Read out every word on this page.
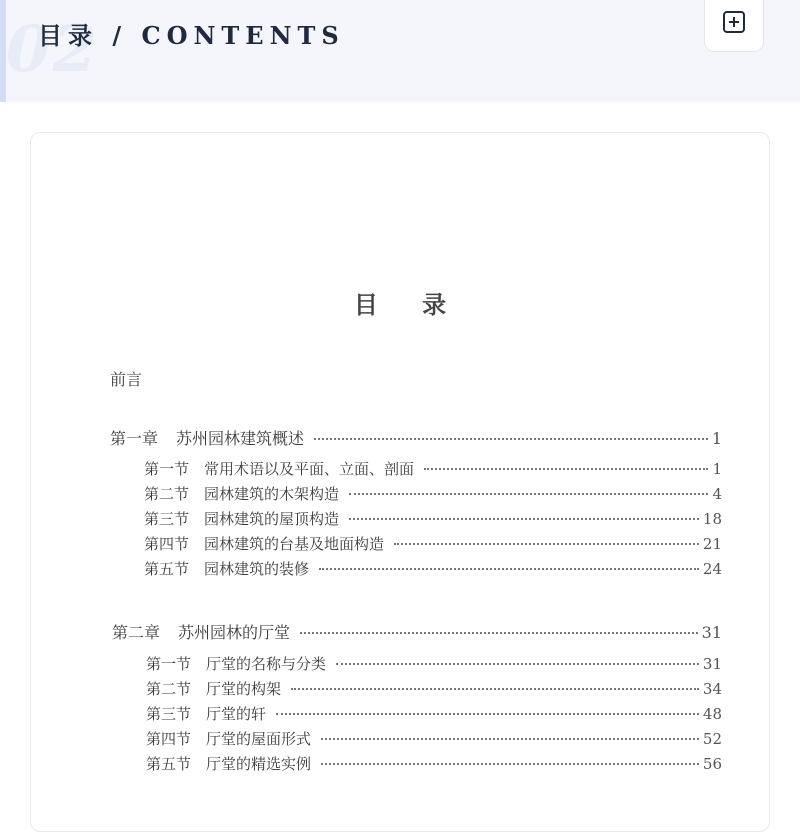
02
目录 / CONTENTS
目 录
前言
第一章 苏州园林建筑概述	1
第一节 常用术语以及平面、立面、剖面	1
第二节 园林建筑的木架构造	4
第三节 园林建筑的屋顶构造	18
第四节 园林建筑的台基及地面构造	21
第五节 园林建筑的装修	24
第二章 苏州园林的厅堂	31
第一节 厅堂的名称与分类	31
第二节 厅堂的构架	34
第三节 厅堂的轩	48
第四节 厅堂的屋面形式	52
第五节 厅堂的精选实例	56
